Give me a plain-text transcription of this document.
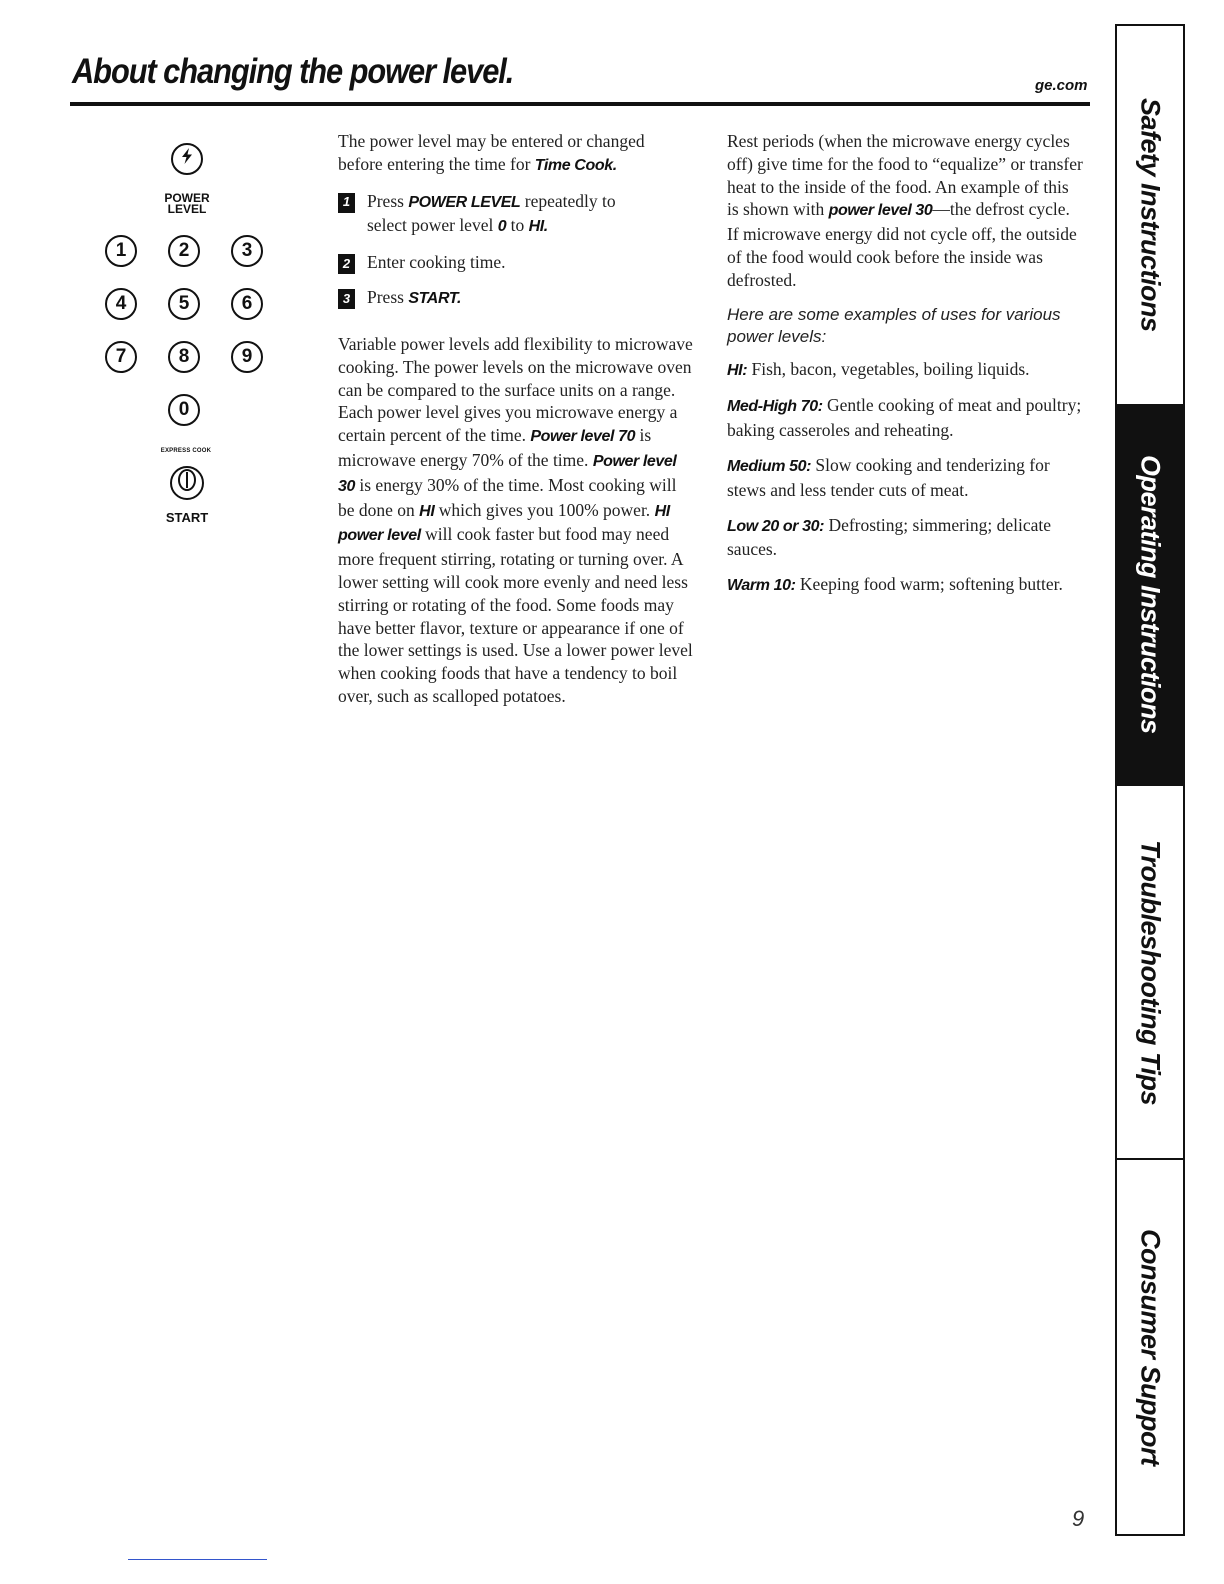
About changing the power level.	ge.com
POWER
LEVEL
1	2	3
4	5	6
7	8	9
0
EXPRESS COOK
START

The power level may be entered or changed before entering the time for Time Cook.

1 Press POWER LEVEL repeatedly to select power level 0 to HI.
2 Enter cooking time.
3 Press START.

Variable power levels add flexibility to microwave cooking. The power levels on the microwave oven can be compared to the surface units on a range. Each power level gives you microwave energy a certain percent of the time. Power level 70 is microwave energy 70% of the time. Power level 30 is energy 30% of the time. Most cooking will be done on HI which gives you 100% power. HI power level will cook faster but food may need more frequent stirring, rotating or turning over. A lower setting will cook more evenly and need less stirring or rotating of the food. Some foods may have better flavor, texture or appearance if one of the lower settings is used. Use a lower power level when cooking foods that have a tendency to boil over, such as scalloped potatoes.

Rest periods (when the microwave energy cycles off) give time for the food to “equalize” or transfer heat to the inside of the food. An example of this is shown with power level 30—the defrost cycle. If microwave energy did not cycle off, the outside of the food would cook before the inside was defrosted.

Here are some examples of uses for various power levels:

HI: Fish, bacon, vegetables, boiling liquids.

Med-High 70: Gentle cooking of meat and poultry; baking casseroles and reheating.

Medium 50: Slow cooking and tenderizing for stews and less tender cuts of meat.

Low 20 or 30: Defrosting; simmering; delicate sauces.

Warm 10: Keeping food warm; softening butter.

Safety Instructions
Operating Instructions
Troubleshooting Tips
Consumer Support
9
